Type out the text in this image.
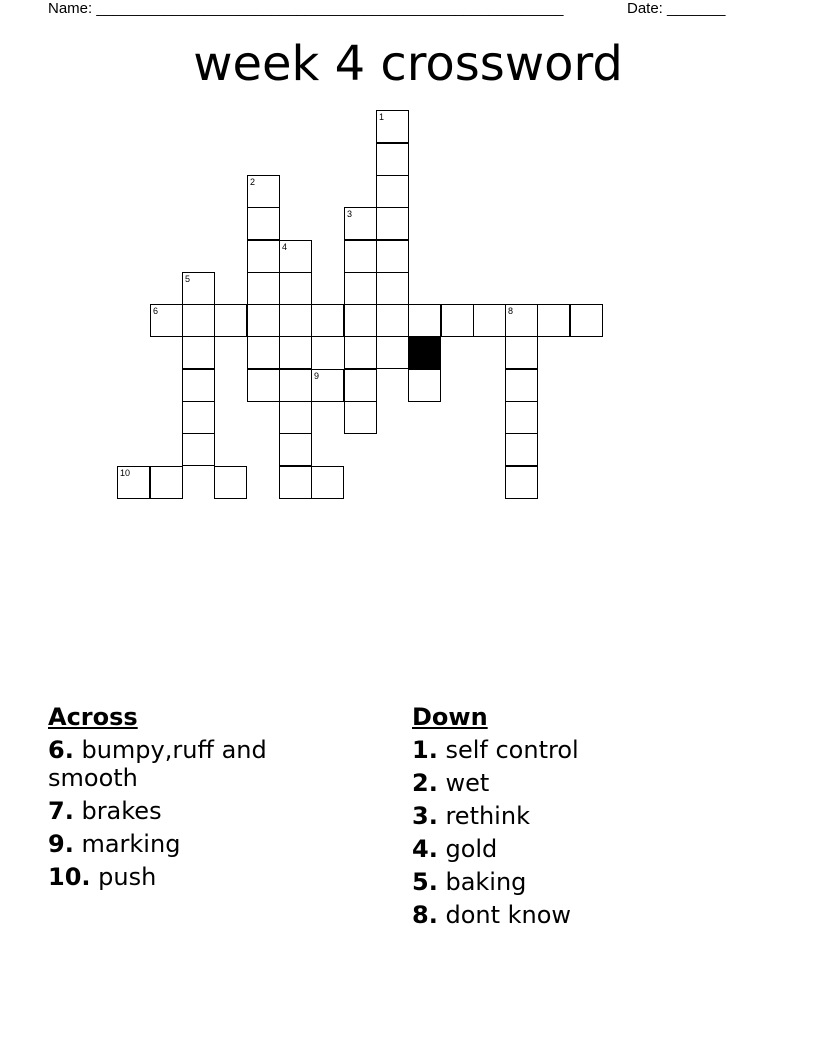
Name: ________________________________________________________	Date: _______
week 4 crossword
1
2
3
4
5
6	8
9
10
Across
6. bumpy,ruff and smooth
7. brakes
9. marking
10. push
Down
1. self control
2. wet
3. rethink
4. gold
5. baking
8. dont know
